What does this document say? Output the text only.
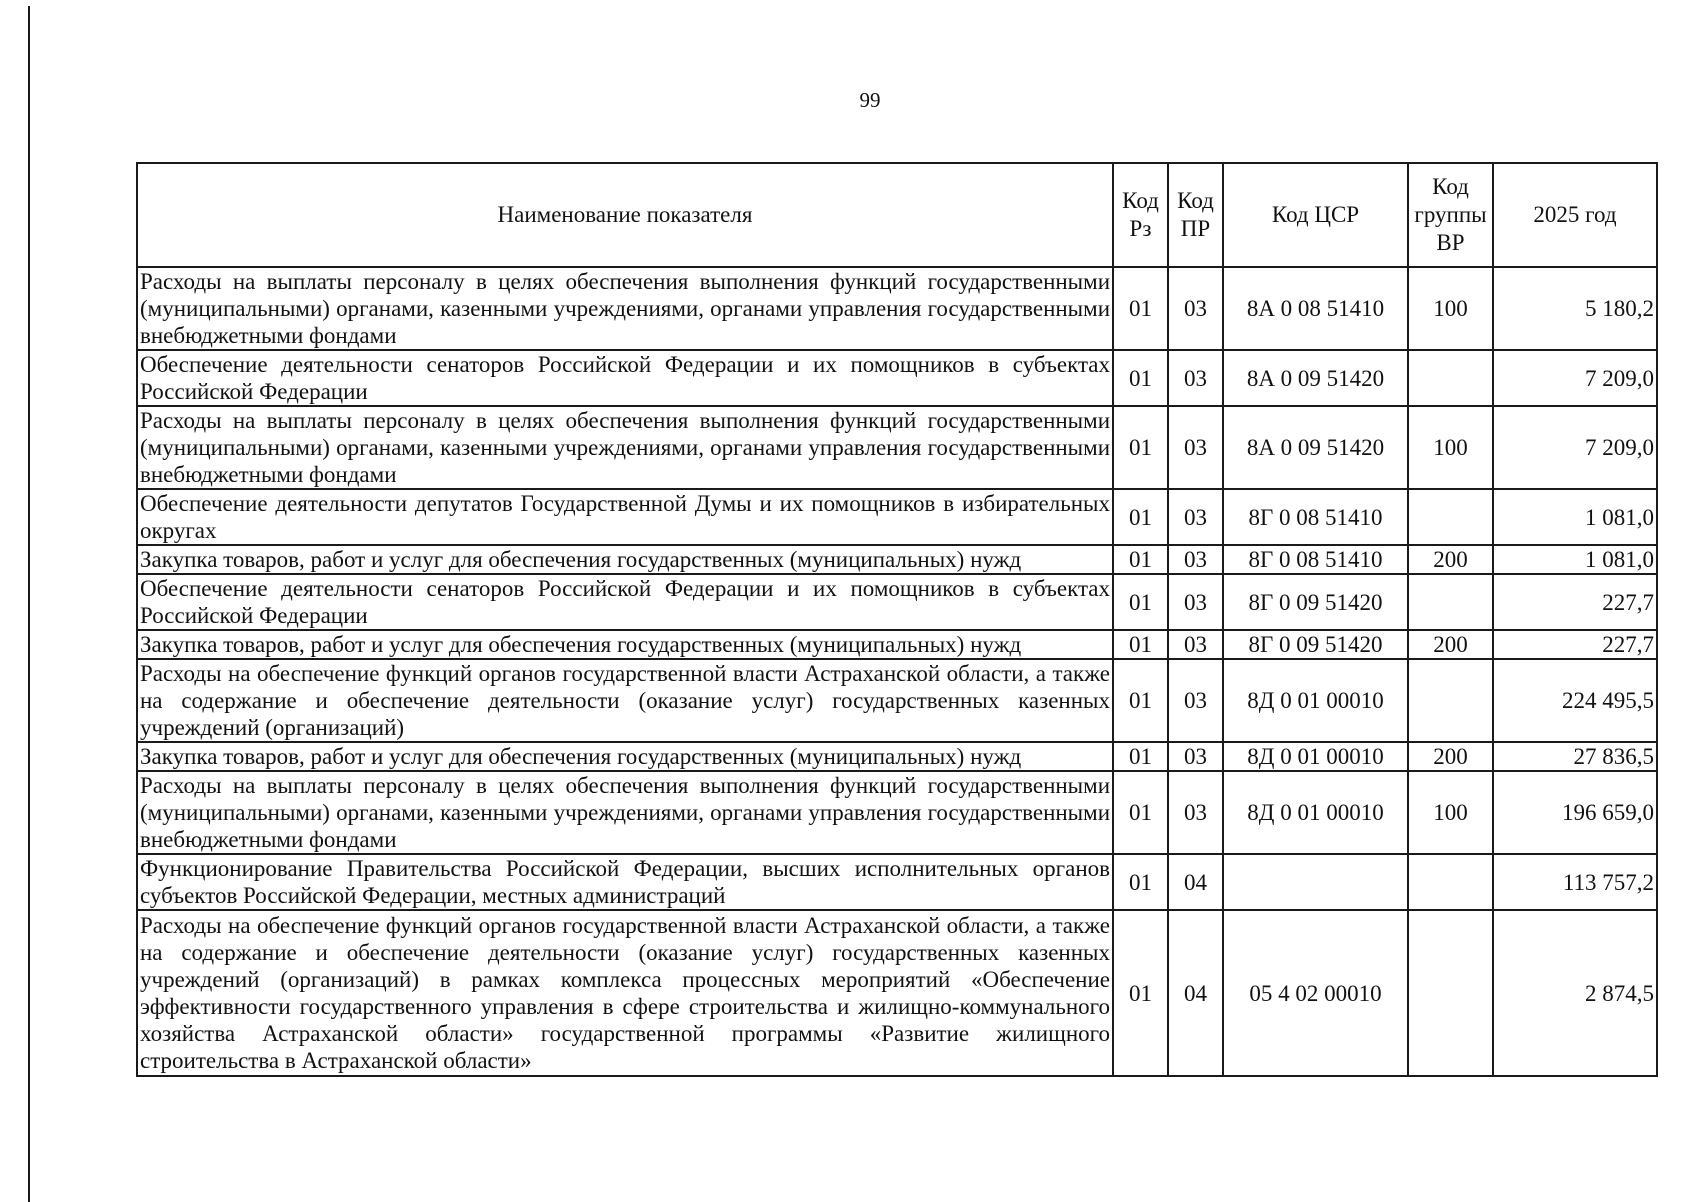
99
Наименование показателя	Код Рз	Код ПР	Код ЦСР	Код группы ВР	2025 год
Расходы на выплаты персоналу в целях обеспечения выполнения функций государственными (муниципальными) органами, казенными учреждениями, органами управления государственными внебюджетными фондами	01	03	8А 0 08 51410	100	5 180,2
Обеспечение деятельности сенаторов Российской Федерации и их помощников в субъектах Российской Федерации	01	03	8А 0 09 51420		7 209,0
Расходы на выплаты персоналу в целях обеспечения выполнения функций государственными (муниципальными) органами, казенными учреждениями, органами управления государственными внебюджетными фондами	01	03	8А 0 09 51420	100	7 209,0
Обеспечение деятельности депутатов Государственной Думы и их помощников в избирательных округах	01	03	8Г 0 08 51410		1 081,0
Закупка товаров, работ и услуг для обеспечения государственных (муниципальных) нужд	01	03	8Г 0 08 51410	200	1 081,0
Обеспечение деятельности сенаторов Российской Федерации и их помощников в субъектах Российской Федерации	01	03	8Г 0 09 51420		227,7
Закупка товаров, работ и услуг для обеспечения государственных (муниципальных) нужд	01	03	8Г 0 09 51420	200	227,7
Расходы на обеспечение функций органов государственной власти Астраханской области, а также на содержание и обеспечение деятельности (оказание услуг) государственных казенных учреждений (организаций)	01	03	8Д 0 01 00010		224 495,5
Закупка товаров, работ и услуг для обеспечения государственных (муниципальных) нужд	01	03	8Д 0 01 00010	200	27 836,5
Расходы на выплаты персоналу в целях обеспечения выполнения функций государственными (муниципальными) органами, казенными учреждениями, органами управления государственными внебюджетными фондами	01	03	8Д 0 01 00010	100	196 659,0
Функционирование Правительства Российской Федерации, высших исполнительных органов субъектов Российской Федерации, местных администраций	01	04			113 757,2
Расходы на обеспечение функций органов государственной власти Астраханской области, а также на содержание и обеспечение деятельности (оказание услуг) государственных казенных учреждений (организаций) в рамках комплекса процессных мероприятий «Обеспечение эффективности государственного управления в сфере строительства и жилищно-коммунального хозяйства Астраханской области» государственной программы «Развитие жилищного строительства в Астраханской области»	01	04	05 4 02 00010		2 874,5
